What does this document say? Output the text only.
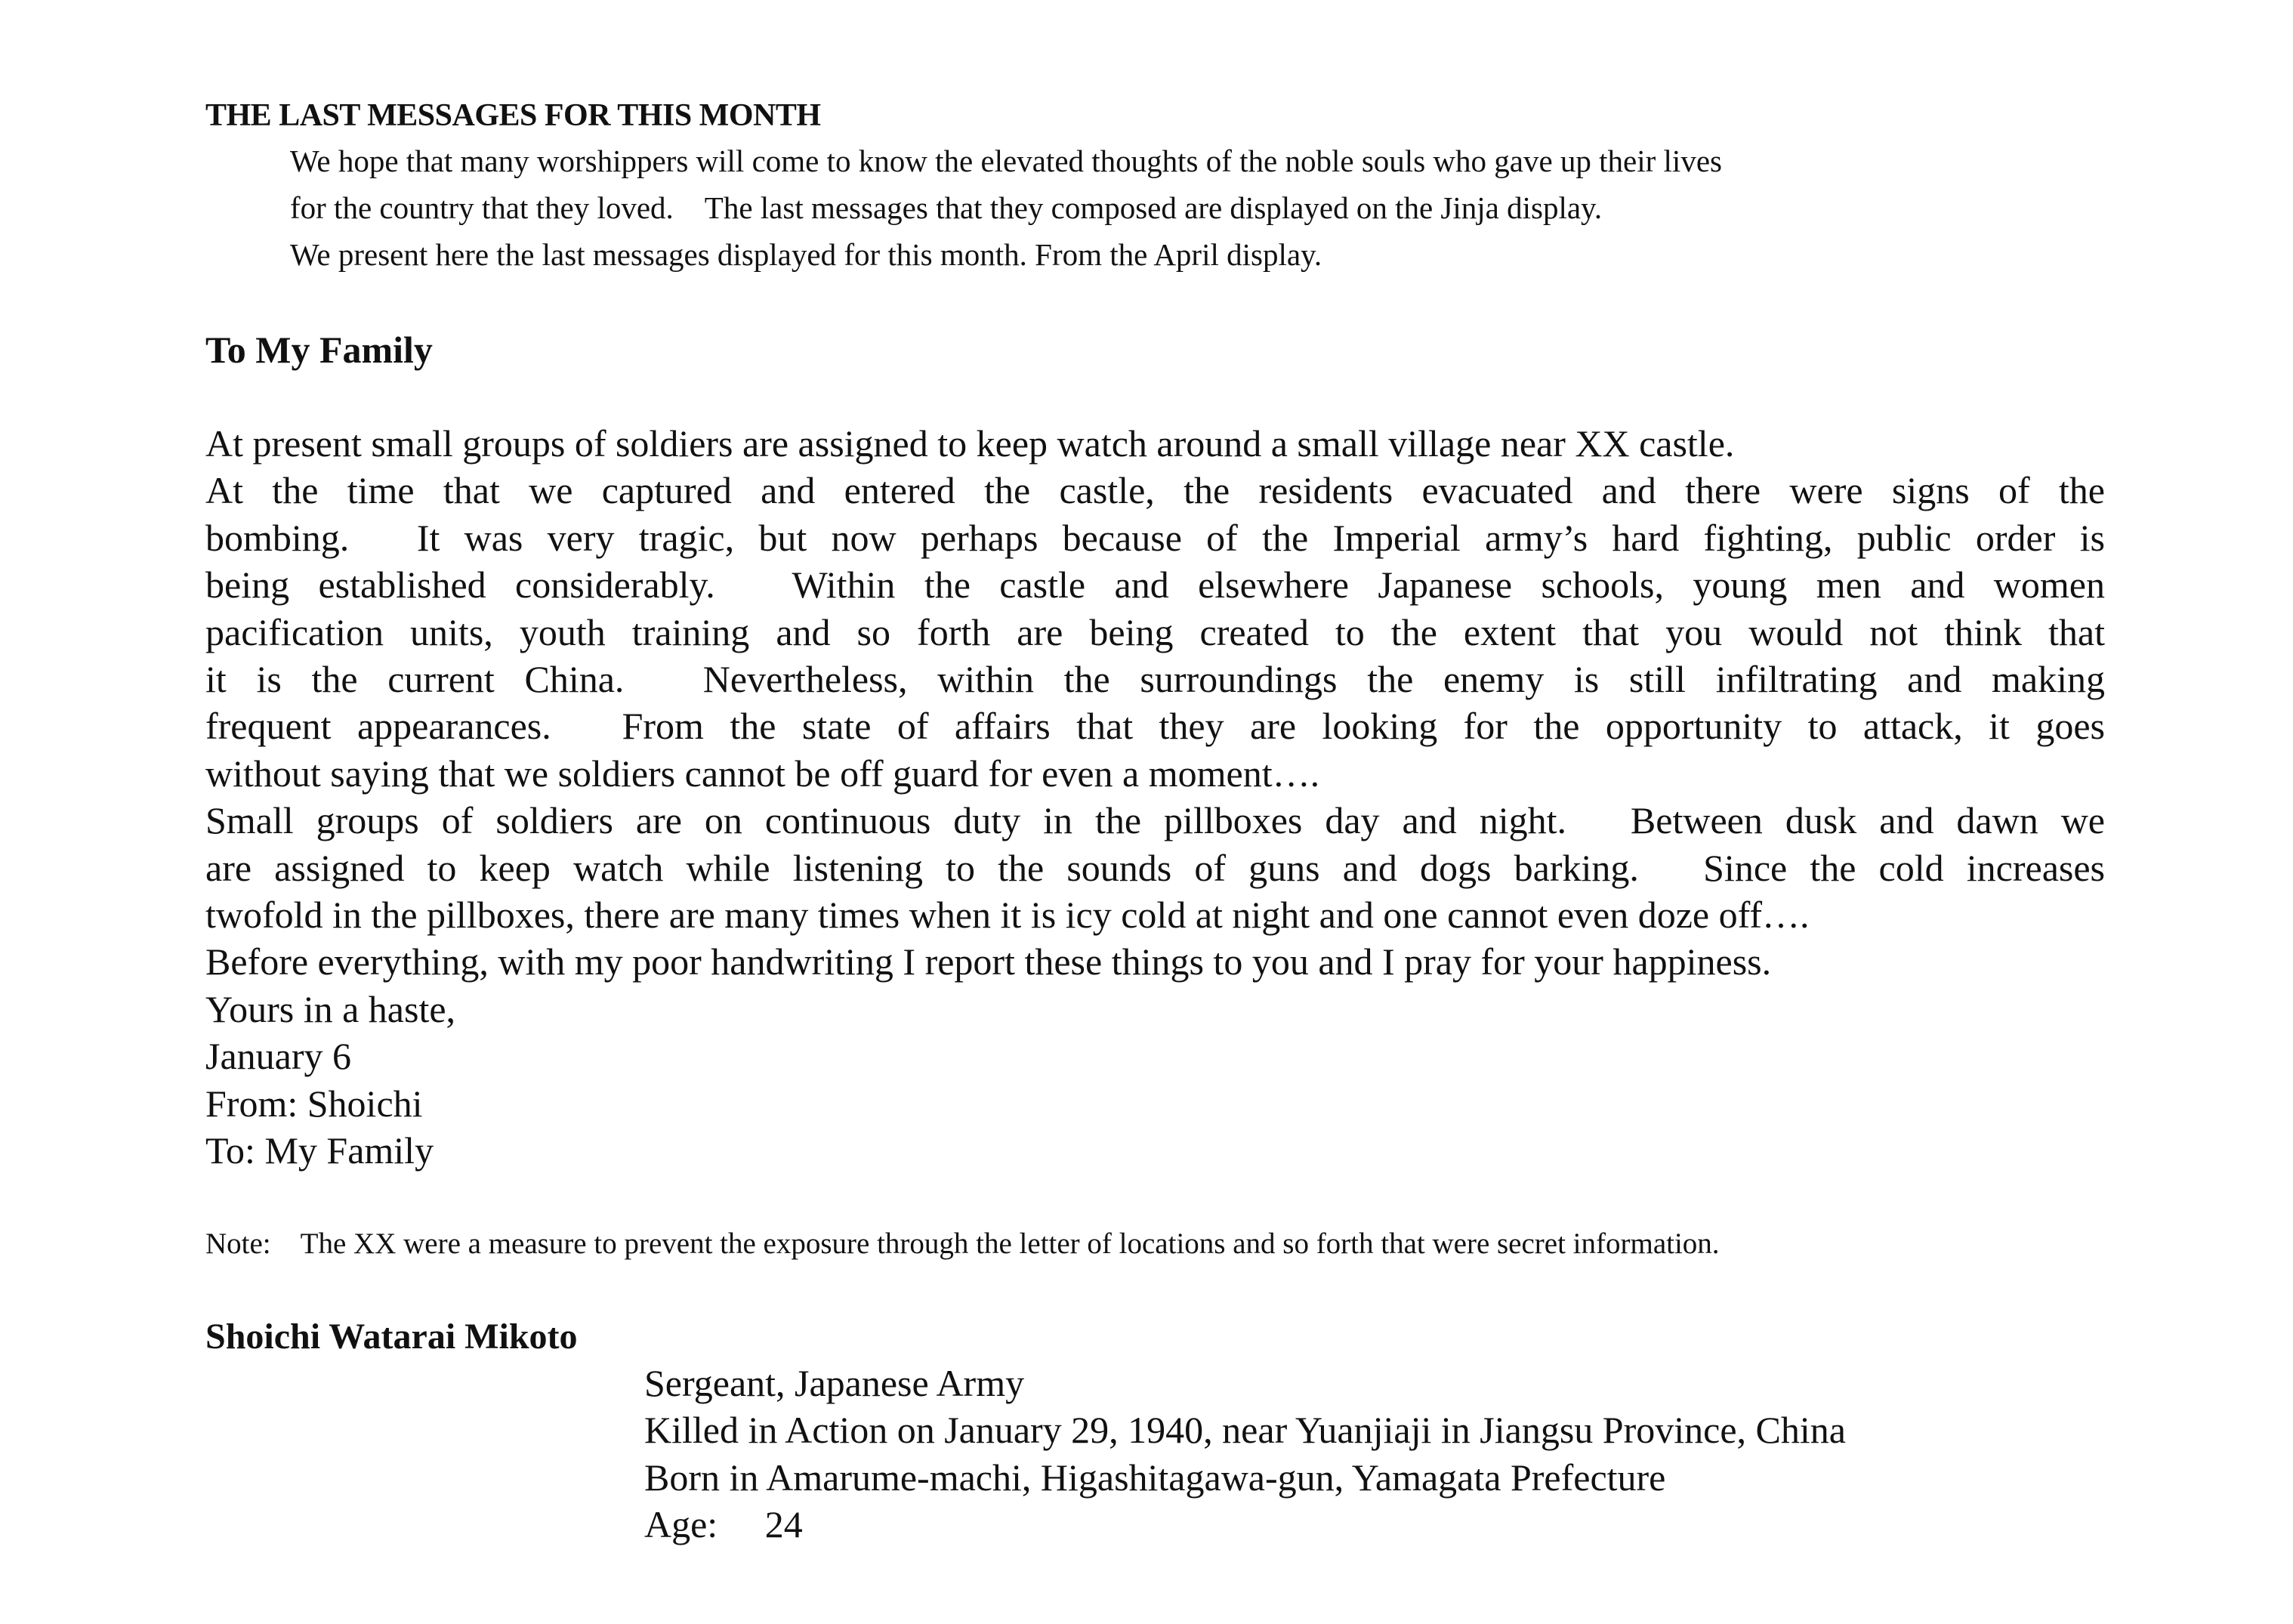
THE LAST MESSAGES FOR THIS MONTH
We hope that many worshippers will come to know the elevated thoughts of the noble souls who gave up their lives
for the country that they loved.　The last messages that they composed are displayed on the Jinja display.
We present here the last messages displayed for this month. From the April display.
To My Family
At present small groups of soldiers are assigned to keep watch around a small village near XX castle.
At the time that we captured and entered the castle, the residents evacuated and there were signs of the
bombing.　It was very tragic, but now perhaps because of the Imperial army’s hard fighting, public order is
being established considerably.　Within the castle and elsewhere Japanese schools, young men and women
pacification units, youth training and so forth are being created to the extent that you would not think that
it is the current China.　Nevertheless, within the surroundings the enemy is still infiltrating and making
frequent appearances.　From the state of affairs that they are looking for the opportunity to attack, it goes
without saying that we soldiers cannot be off guard for even a moment….
Small groups of soldiers are on continuous duty in the pillboxes day and night.　Between dusk and dawn we
are assigned to keep watch while listening to the sounds of guns and dogs barking.　Since the cold increases
twofold in the pillboxes, there are many times when it is icy cold at night and one cannot even doze off….
Before everything, with my poor handwriting I report these things to you and I pray for your happiness.
Yours in a haste,
January 6
From: Shoichi
To: My Family
Note:　The XX were a measure to prevent the exposure through the letter of locations and so forth that were secret information.
Shoichi Watarai Mikoto
Sergeant, Japanese Army
Killed in Action on January 29, 1940, near Yuanjiaji in Jiangsu Province, China
Born in Amarume-machi, Higashitagawa-gun, Yamagata Prefecture
Age:　 24
